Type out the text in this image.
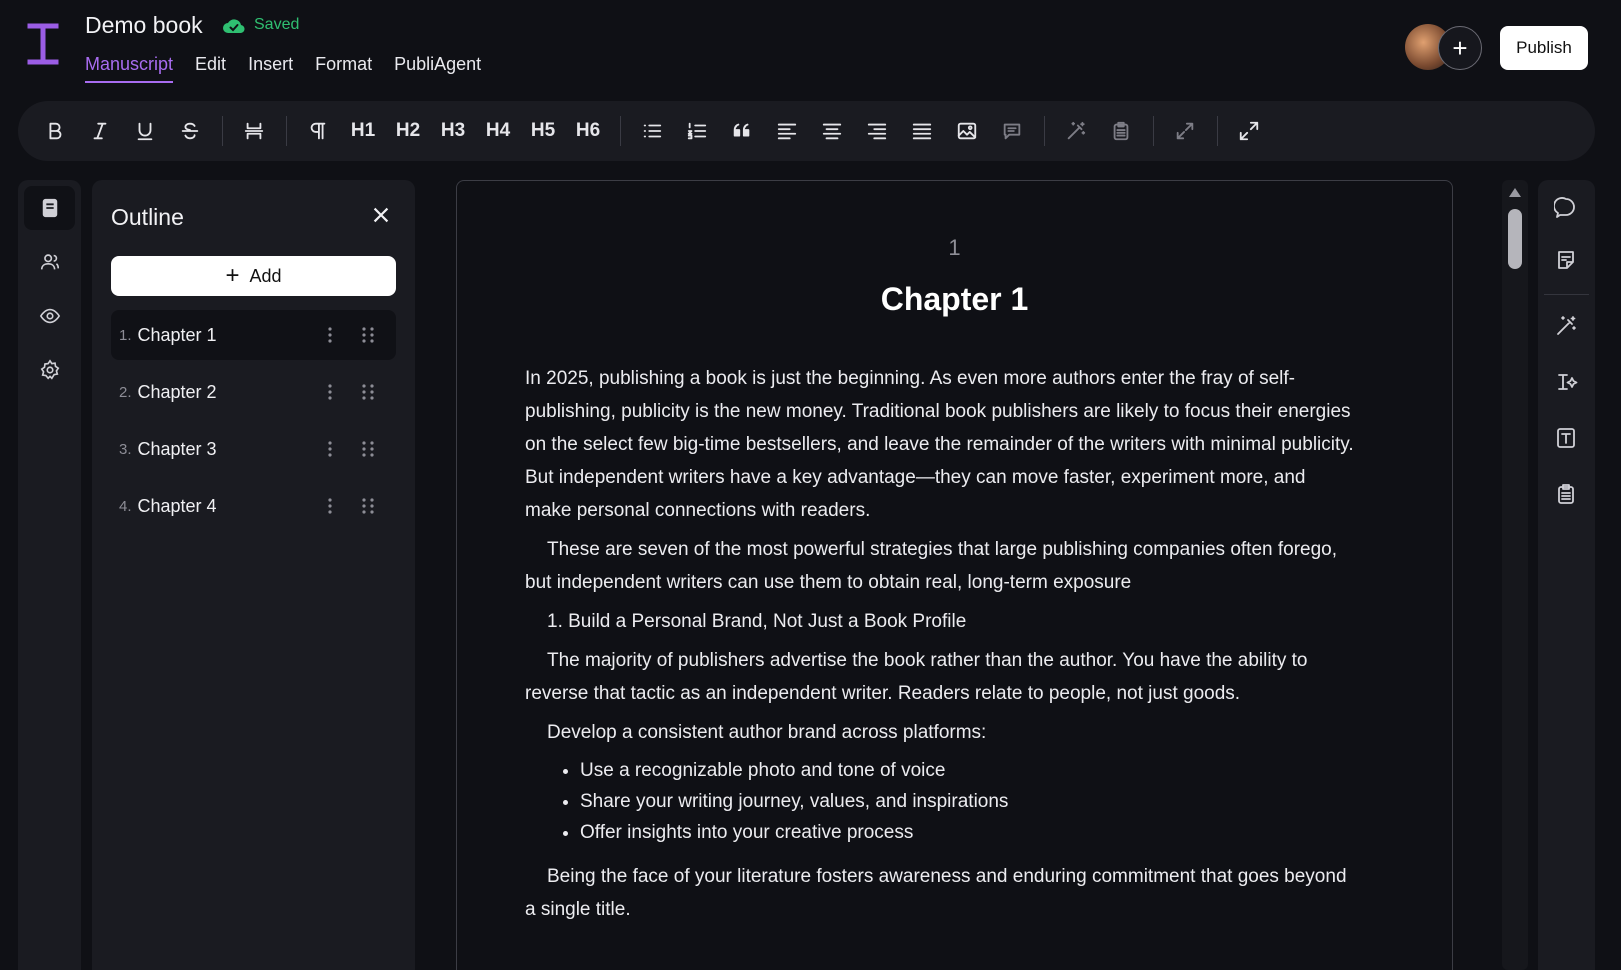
Demo book	Saved
Manuscript Edit Insert Format PubliAgent
+	Publish
H1	H2	H3	H4	H5	H6
Outline
+ Add
1. Chapter 1
2. Chapter 2
3. Chapter 3
4. Chapter 4
1
Chapter 1

In 2025, publishing a book is just the beginning. As even more authors enter the fray of self-publishing, publicity is the new money. Traditional book publishers are likely to focus their energies on the select few big-time bestsellers, and leave the remainder of the writers with minimal publicity. But independent writers have a key advantage—they can move faster, experiment more, and make personal connections with readers.

These are seven of the most powerful strategies that large publishing companies often forego, but independent writers can use them to obtain real, long-term exposure

1. Build a Personal Brand, Not Just a Book Profile

The majority of publishers advertise the book rather than the author. You have the ability to reverse that tactic as an independent writer. Readers relate to people, not just goods.

Develop a consistent author brand across platforms:

• Use a recognizable photo and tone of voice
• Share your writing journey, values, and inspirations
• Offer insights into your creative process

Being the face of your literature fosters awareness and enduring commitment that goes beyond a single title.
